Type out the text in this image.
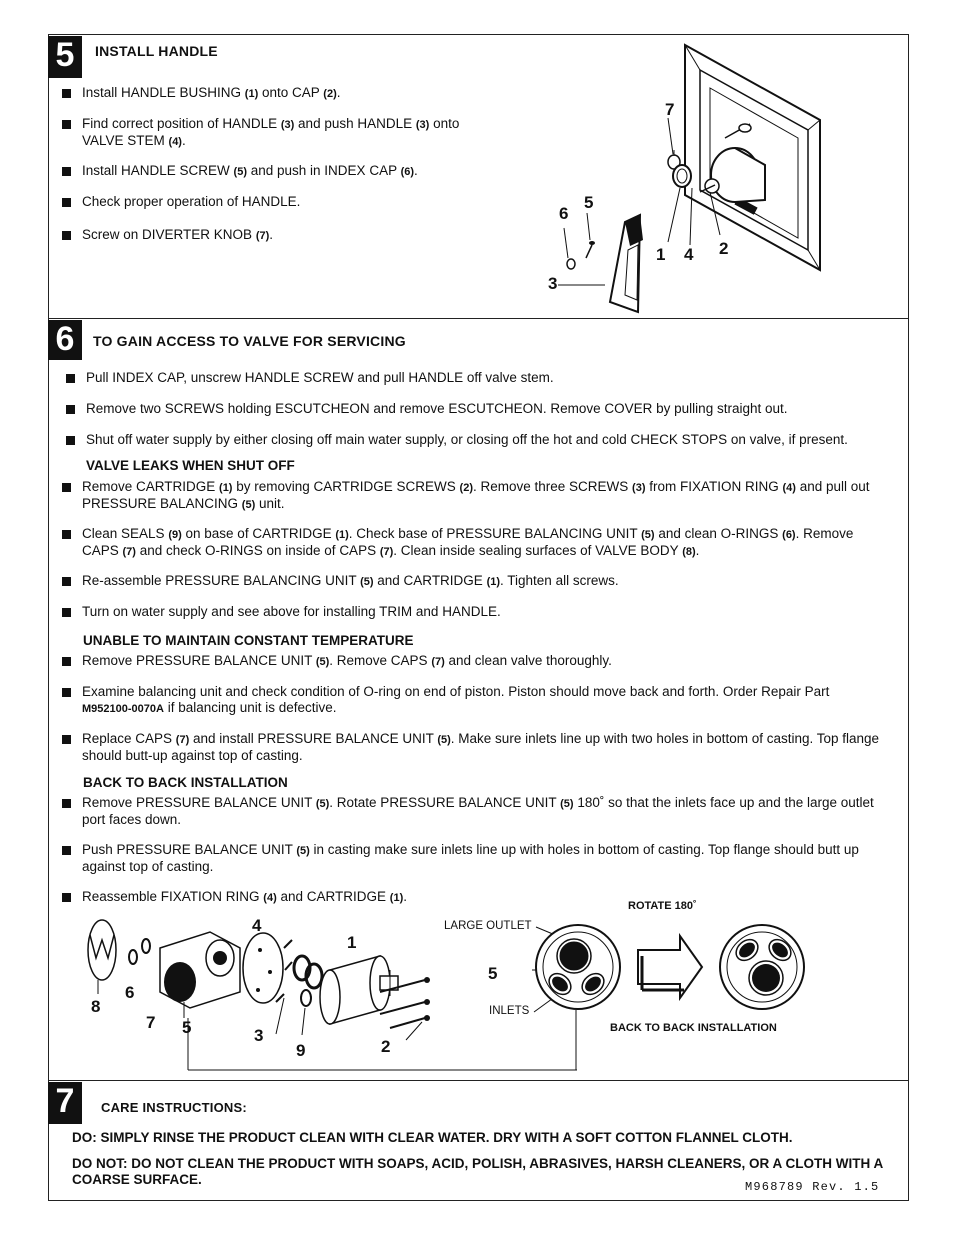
5	INSTALL HANDLE
Install HANDLE BUSHING (1) onto CAP (2).
Find correct position of HANDLE (3) and push HANDLE (3) onto VALVE STEM (4).
Install HANDLE SCREW (5) and push in INDEX CAP (6).
Check proper operation of HANDLE.
Screw on DIVERTER KNOB (7).
7
5
6
1 4 2
3
6	TO GAIN ACCESS TO VALVE FOR SERVICING
Pull INDEX CAP, unscrew HANDLE SCREW and pull HANDLE off valve stem.
Remove two SCREWS holding ESCUTCHEON and remove ESCUTCHEON. Remove COVER by pulling straight out.
Shut off water supply by either closing off main water supply, or closing off the hot and cold CHECK STOPS on valve, if present.
VALVE LEAKS WHEN SHUT OFF
Remove CARTRIDGE (1) by removing CARTRIDGE SCREWS (2). Remove three SCREWS (3) from FIXATION RING (4) and pull out PRESSURE BALANCING (5) unit.
Clean SEALS (9) on base of CARTRIDGE (1). Check base of PRESSURE BALANCING UNIT (5) and clean O-RINGS (6). Remove CAPS (7) and check O-RINGS on inside of CAPS (7). Clean inside sealing surfaces of VALVE BODY (8).
Re-assemble PRESSURE BALANCING UNIT (5) and CARTRIDGE (1). Tighten all screws.
Turn on water supply and see above for installing TRIM and HANDLE.
UNABLE TO MAINTAIN CONSTANT TEMPERATURE
Remove PRESSURE BALANCE UNIT (5). Remove CAPS (7) and clean valve thoroughly.
Examine balancing unit and check condition of O-ring on end of piston. Piston should move back and forth. Order Repair Part M952100-0070A if balancing unit is defective.
Replace CAPS (7) and install PRESSURE BALANCE UNIT (5). Make sure inlets line up with two holes in bottom of casting. Top flange should butt-up against top of casting.
BACK TO BACK INSTALLATION
Remove PRESSURE BALANCE UNIT (5). Rotate PRESSURE BALANCE UNIT (5) 180˚ so that the inlets face up and the large outlet port faces down.
Push PRESSURE BALANCE UNIT (5) in casting make sure inlets line up with holes in bottom of casting. Top flange should butt up against top of casting.
Reassemble FIXATION RING (4) and CARTRIDGE (1).
4
1
8
6
7 5	3
9	2
LARGE OUTLET
INLETS
5
ROTATE 180˚
BACK TO BACK INSTALLATION
7	CARE INSTRUCTIONS:
DO: SIMPLY RINSE THE PRODUCT CLEAN WITH CLEAR WATER. DRY WITH A SOFT COTTON FLANNEL CLOTH.
DO NOT: DO NOT CLEAN THE PRODUCT WITH SOAPS, ACID, POLISH, ABRASIVES, HARSH CLEANERS, OR A CLOTH WITH A COARSE SURFACE.	M968789 Rev. 1.5
